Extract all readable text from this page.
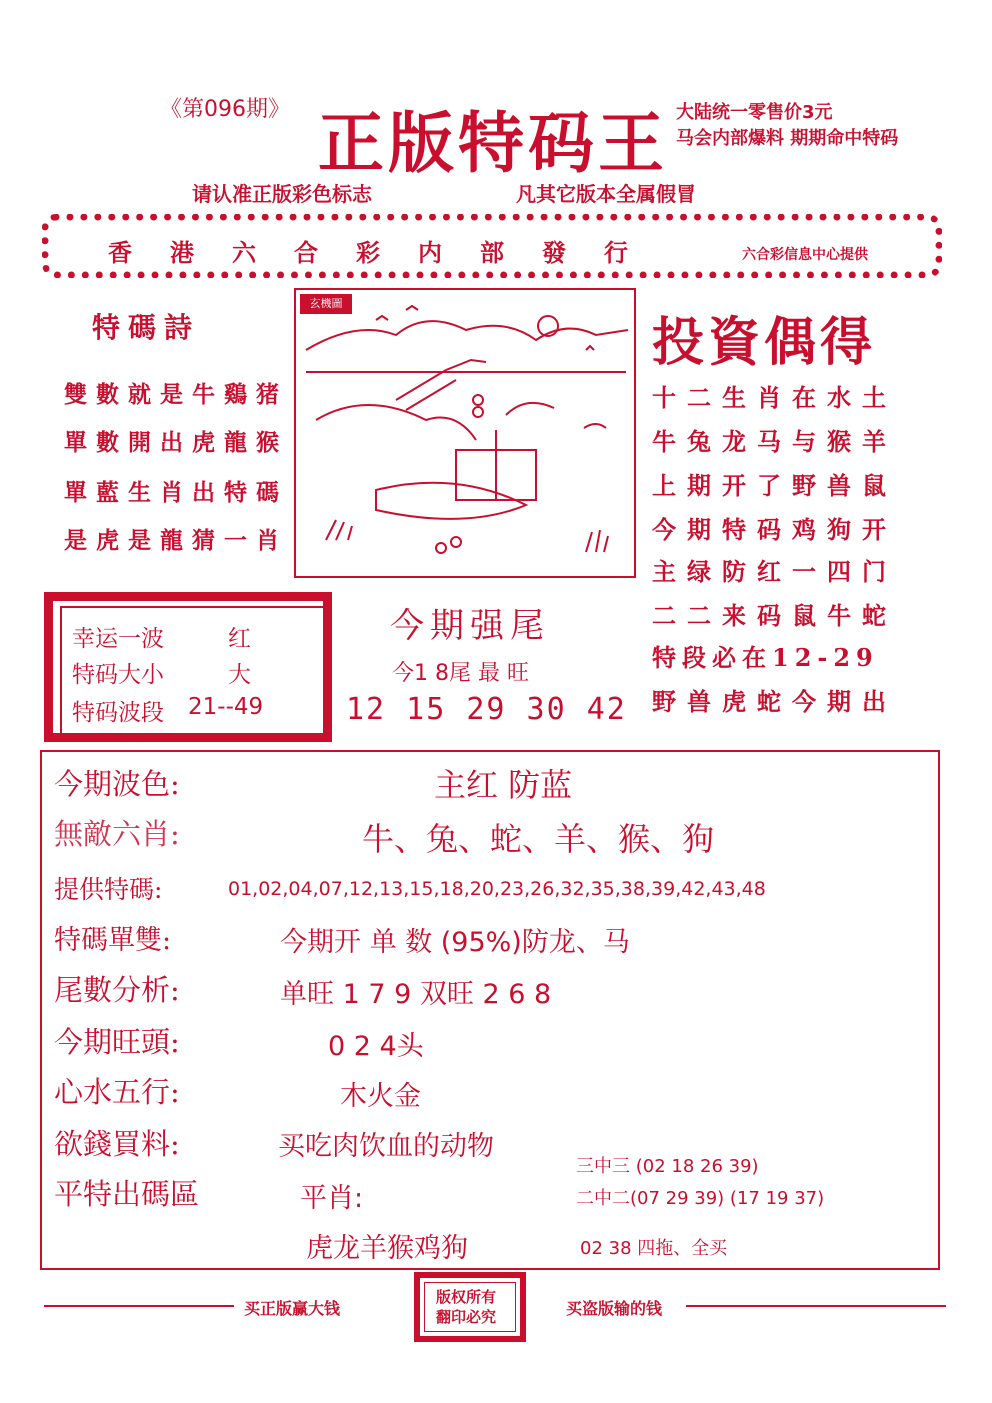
《第096期》 正版特码王 大陆统一零售价3元
马会内部爆料 期期命中特码
请认准正版彩色标志	凡其它版本全属假冒
香港六合彩内部發行	六合彩信息中心提供
特碼詩
雙數就是牛鷄猪
單數開出虎龍猴
單藍生肖出特碼
是虎是龍猜一肖
玄機圖
投資偶得
十二生肖在水土
牛兔龙马与猴羊
上期开了野兽鼠
今期特码鸡狗开
主绿防红一四门
二二来码鼠牛蛇
特段必在12-29
野兽虎蛇今期出
幸运一波	红
特码大小	大
特码波段 21--49
今期强尾
今1 8尾 最 旺
12 15 29 30 42
今期波色:	主红 防蓝
無敵六肖:	牛、兔、蛇、羊、猴、狗
提供特碼:	01,02,04,07,12,13,15,18,20,23,26,32,35,38,39,42,43,48
特碼單雙:	今期开 单 数 (95%)防龙、马
尾數分析:	单旺 1 7 9 双旺 2 6 8
今期旺頭:	0 2 4头
心水五行:	木火金
欲錢買料:	买吃肉饮血的动物
平特出碼區	平肖:
虎龙羊猴鸡狗
三中三 (02 18 26 39)
二中二(07 29 39) (17 19 37)
02 38 四拖、全买
买正版赢大钱
版权所有
翻印必究	买盗版输的钱
